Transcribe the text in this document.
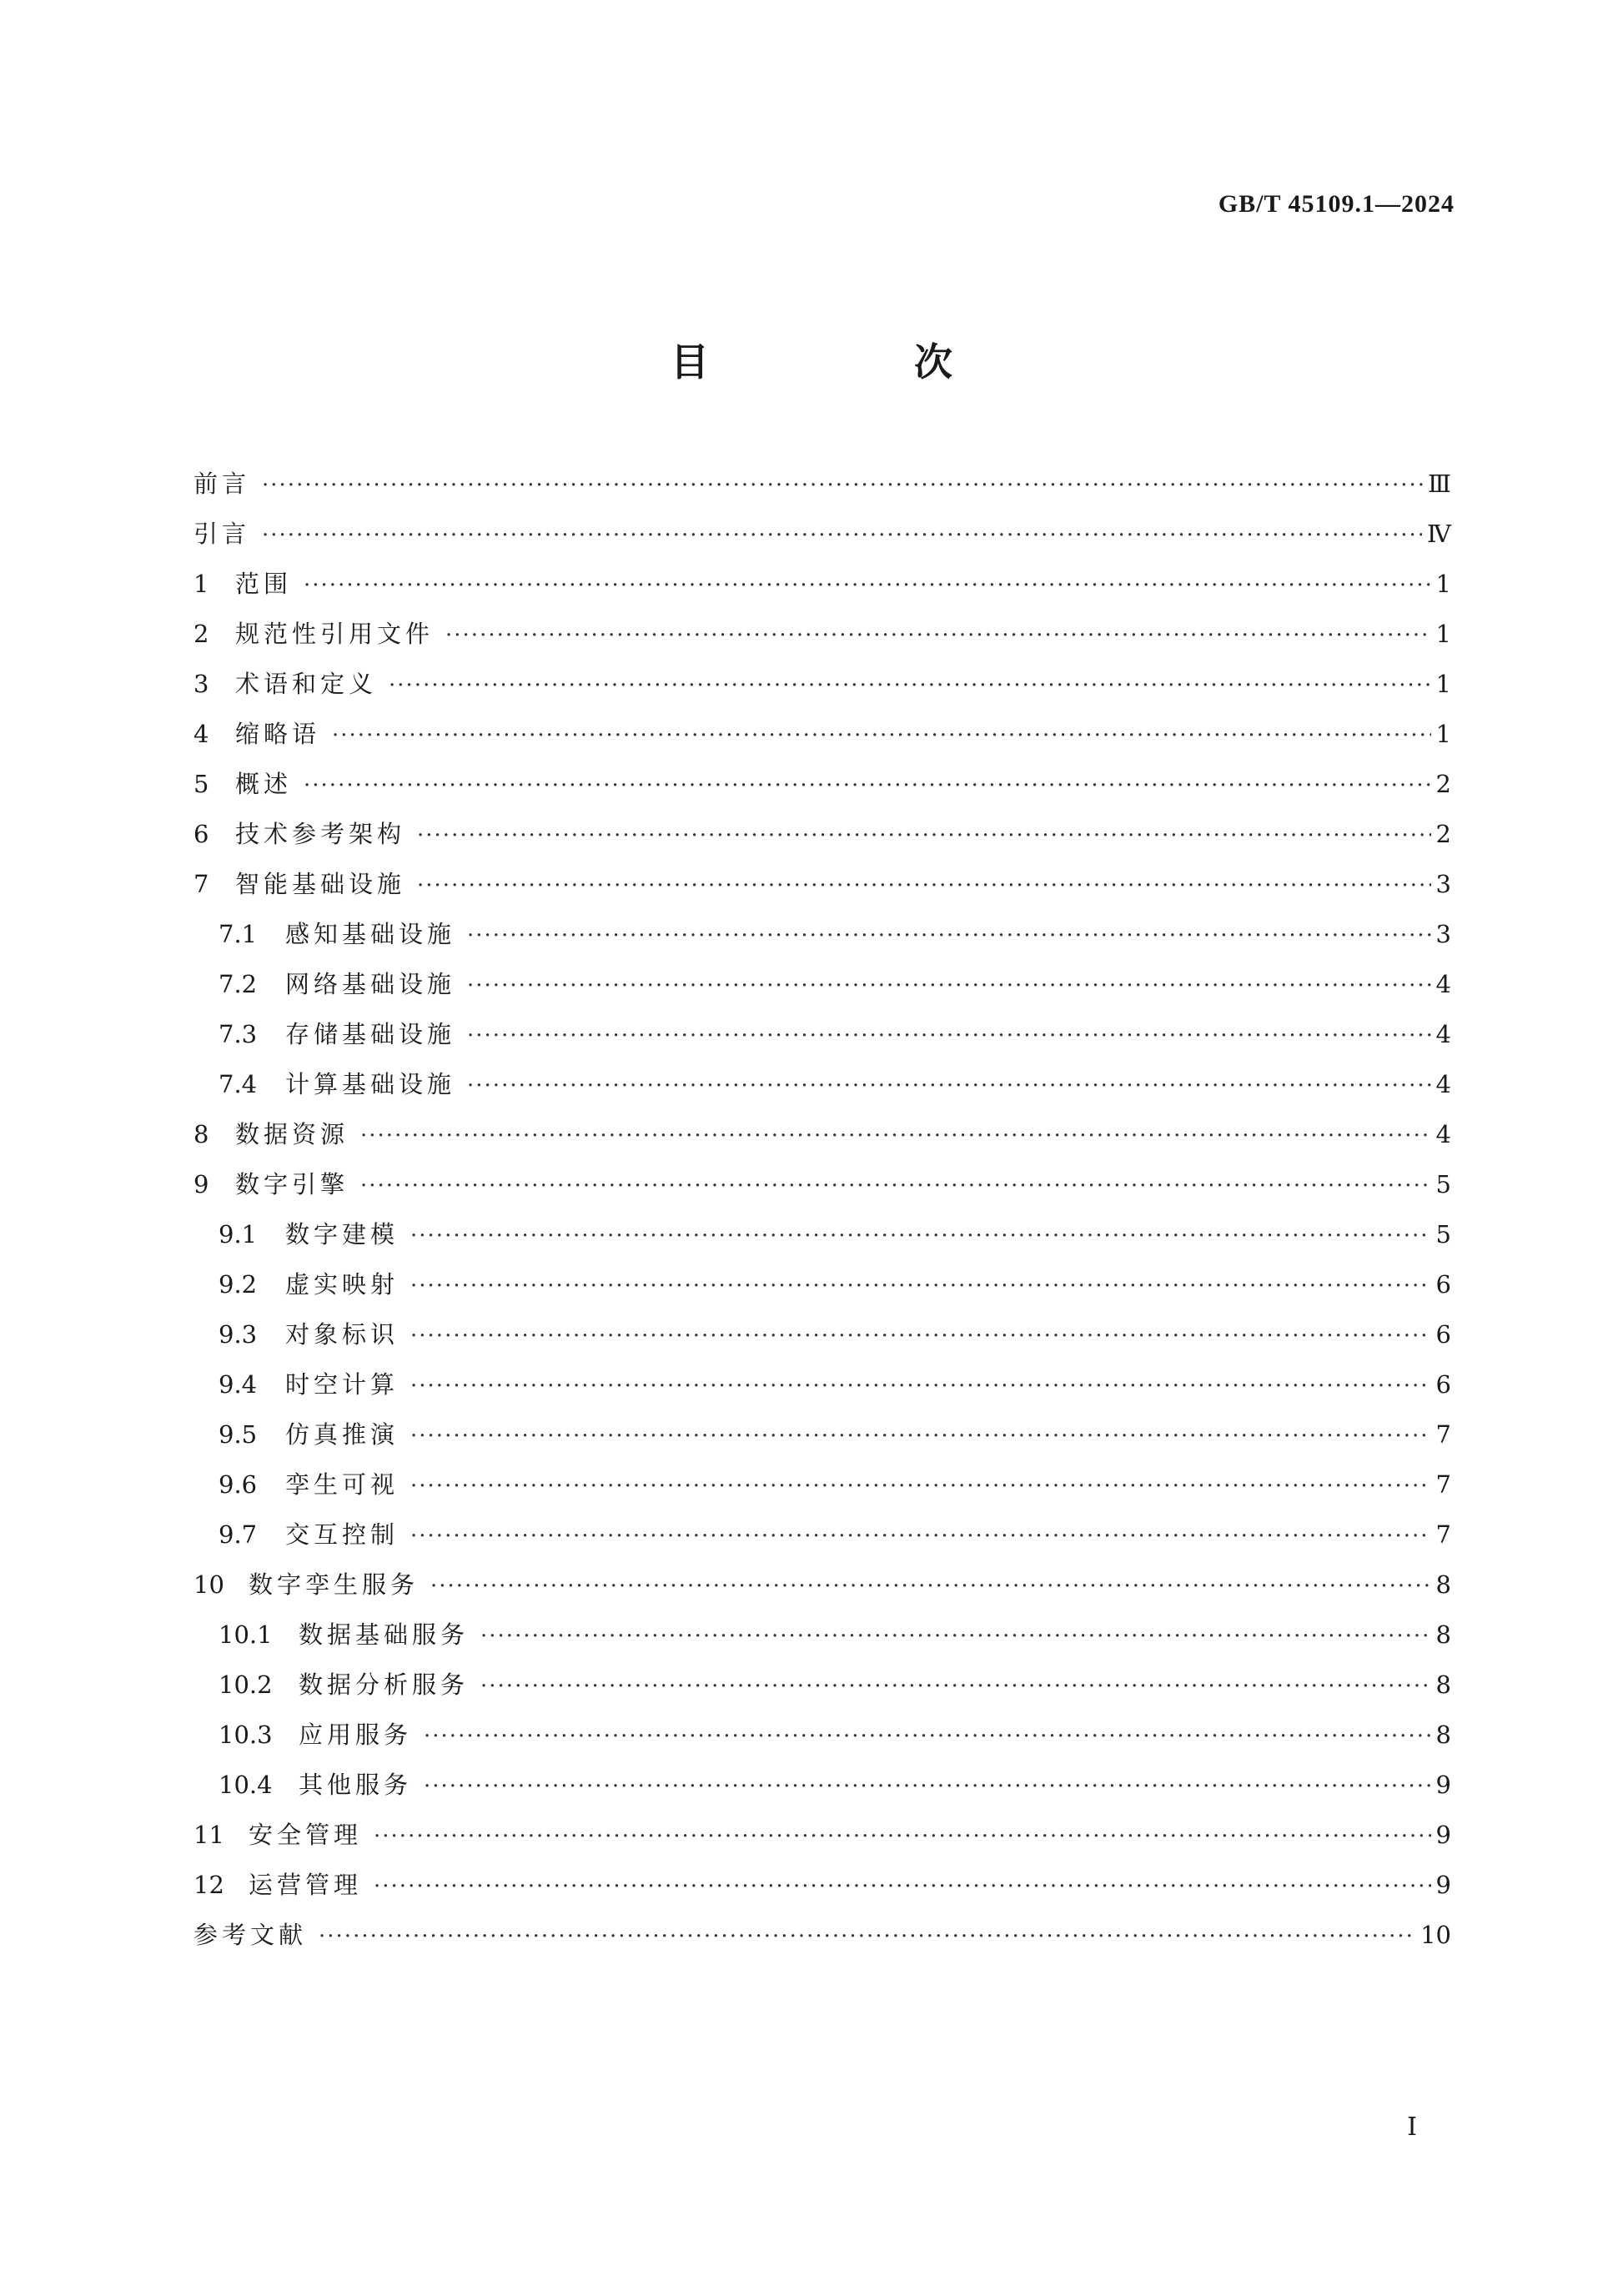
GB/T 45109.1—2024
目　次
前言 ·····	Ⅲ
引言 ·····	Ⅳ
1	范围 ·····	1
2	规范性引用文件 ·····	1
3	术语和定义 ·····	1
4	缩略语 ·····	1
5	概述 ·····	2
6	技术参考架构 ·····	2
7	智能基础设施 ·····	3
7.1	感知基础设施 ·····	3
7.2	网络基础设施 ·····	4
7.3	存储基础设施 ·····	4
7.4	计算基础设施 ·····	4
8	数据资源 ·····	4
9	数字引擎 ·····	5
9.1	数字建模 ·····	5
9.2	虚实映射 ·····	6
9.3	对象标识 ·····	6
9.4	时空计算 ·····	6
9.5	仿真推演 ·····	7
9.6	孪生可视 ·····	7
9.7	交互控制 ·····	7
10	数字孪生服务 ·····	8
10.1	数据基础服务 ·····	8
10.2	数据分析服务 ·····	8
10.3	应用服务 ·····	8
10.4	其他服务 ·····	9
11	安全管理 ·····	9
12	运营管理 ·····	9
参考文献 ·····	10
Ⅰ
